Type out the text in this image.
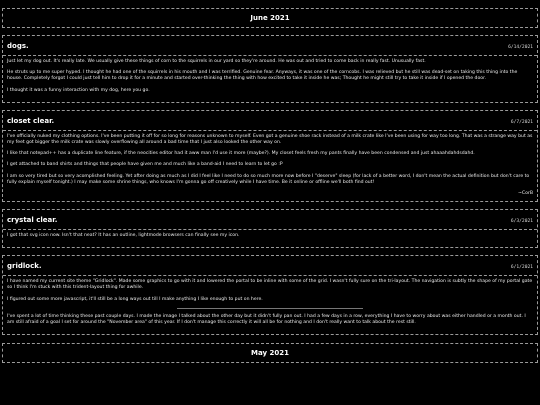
June 2021
dogs.	6/14/2021

Just let my dog out. It's really late. We usually give these things of corn to the squirrels in our yard so they're around. He was out and tried to come back in really fast. Unusually fast.

He struts up to me super hyped. I thought he had one of the squirrels in his mouth and I was terrified. Genuine fear. Anyways, it was one of the corncobs. I was relieved but he still was dead-set on taking this thing into the house. Completely forgot I could just tell him to drop it for a minute and started over-thinking the thing with how excited to take it inside he was; Thought he might still try to take it inside if I opened the door.

I thought it was a funny interaction with my dog, here you go.

closet clear.	6/7/2021

I've officially nuked my clothing options. I've been putting it off for so long for reasons unknown to myself. Even got a genuine shoe rack instead of a milk crate like I've been using for way too long. That was a strange way but as my feet got bigger the milk crate was slowly overflowing all around a bad time that I just also looked the other way on.

I like that notepad++ has a duplicate line feature, if the neocities editor had it aww man I'd use it more (maybe?). My closet feels fresh my pants finally have been condensed and just ahaaahdahdsdahd.

I get attached to band shirts and things that people have given me and much like a band-aid I need to learn to let go :P

I am so very tired but so very acomplished feeling. Yet after doing as much as I did I feel like I need to do so much more now before I "deserve" sleep (for lack of a better word, I don't mean the actual definition but don't care to fully explain myself tonight.) I may make some shrine things, who knows I'm gonna go off creatively while I have time. Be it online or offline we'll both find out!

~CorB
crystal clear.	6/3/2021

I got that svg icon now. Isn't that neat? It has an outline, lightmode browsers can finally see my icon.

gridlock.	6/1/2021

I have named my current site theme "Gridlock". Made some graphics to go with it and lowered the portal to be inline with some of the grid. I wasn't fully sure on the tri-layout. The navigation is subtly the shape of my portal gate so I think I'm stuck with this trident-layout thing for awhile.

I figured out some more javascript, it'll still be a long ways out till I make anything I like enough to put on here.

I've spent a lot of time thinking these past couple days. I made the image I talked about the other day but it didn't fully pan out. I had a few days in a row, everything I have to worry about was either handled or a month out. I am still afraid of a goal I set for around the "November area" of this year. If I don't manage this correctly it will all be for nothing and I don't really want to talk about the rest still.

May 2021
